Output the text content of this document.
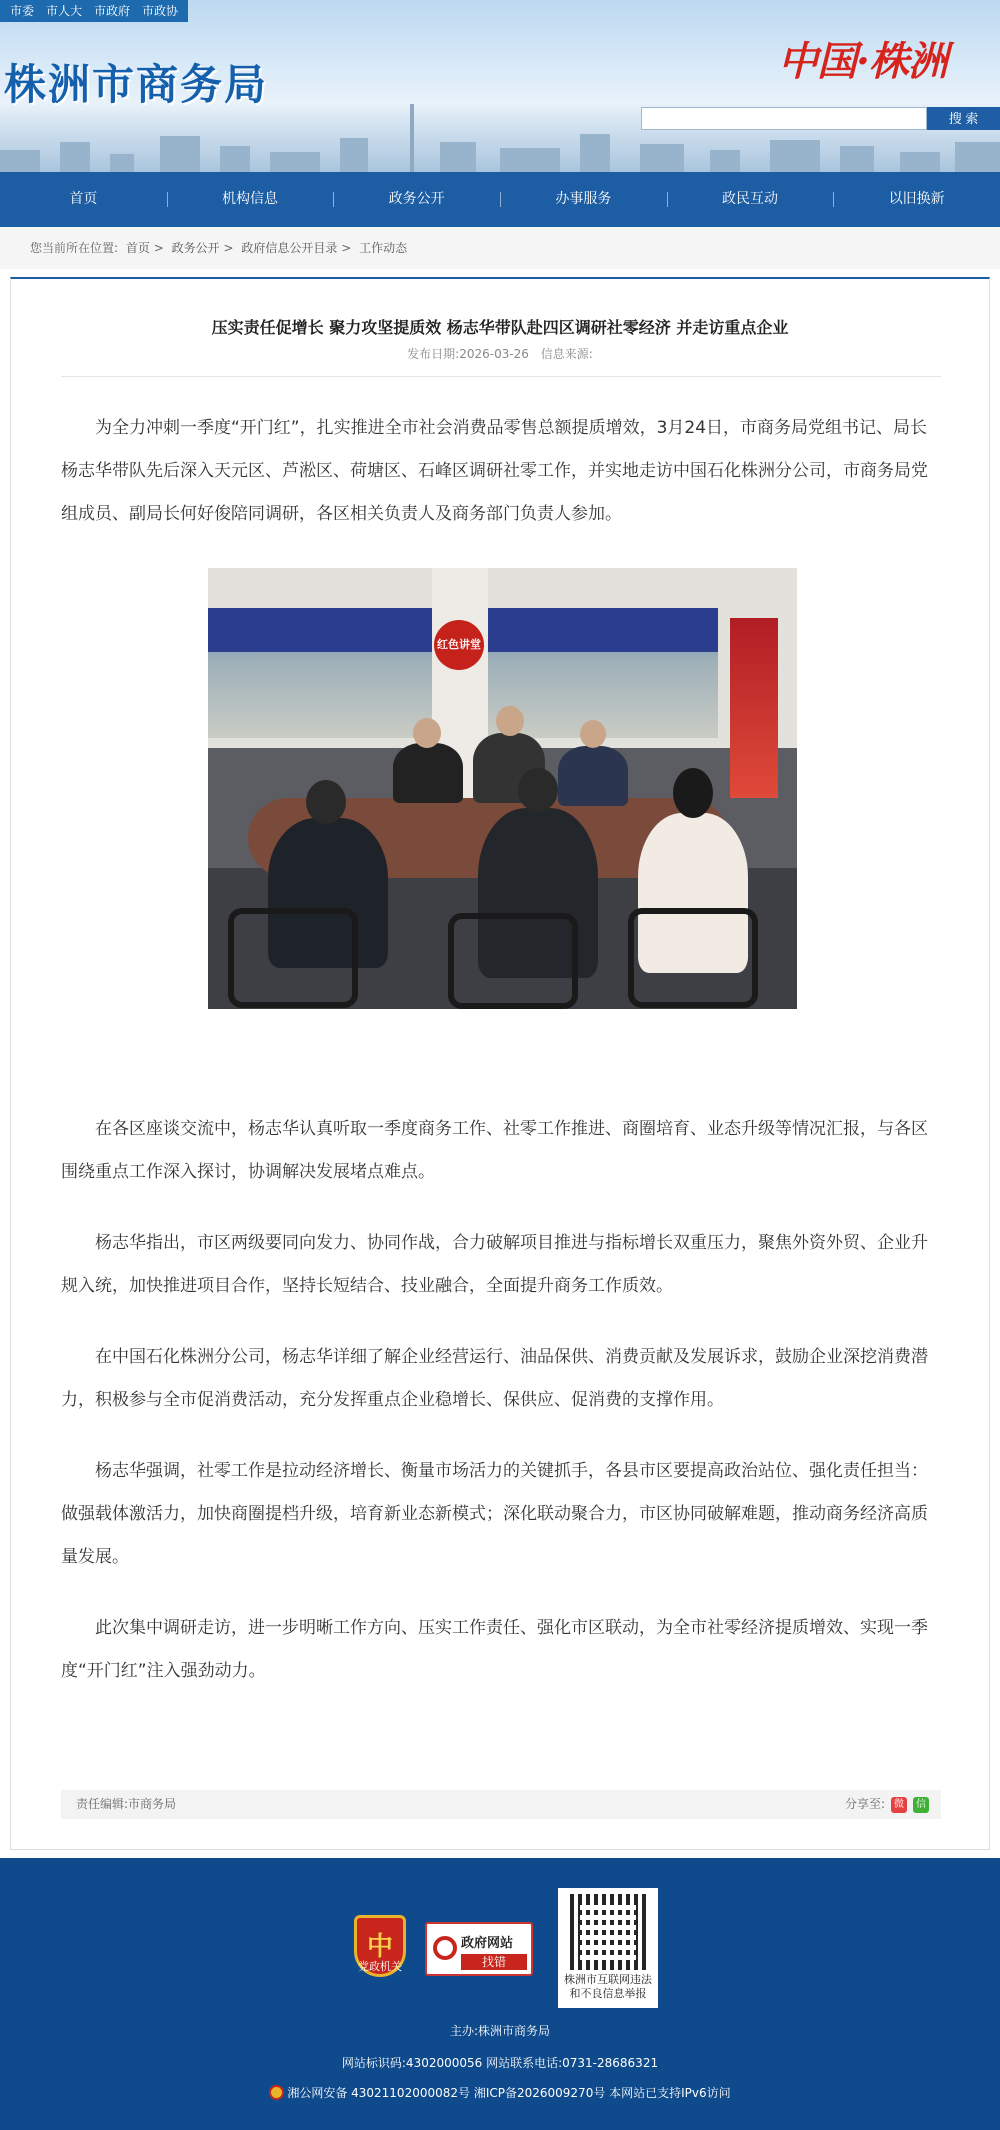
市委	市人大	市政府	市政协
株洲市商务局	中国·株洲
搜 索
首页	机构信息	政务公开	办事服务	政民互动	以旧换新
您当前所在位置: 首页 > 政务公开 > 政府信息公开目录 > 工作动态
压实责任促增长 聚力攻坚提质效 杨志华带队赴四区调研社零经济 并走访重点企业
发布日期:2026-03-26 信息来源:

为全力冲刺一季度“开门红”，扎实推进全市社会消费品零售总额提质增效，3月24日，市商务局党组书记、局长杨志华带队先后深入天元区、芦淞区、荷塘区、石峰区调研社零工作，并实地走访中国石化株洲分公司，市商务局党组成员、副局长何好俊陪同调研，各区相关负责人及商务部门负责人参加。

红色讲堂

在各区座谈交流中，杨志华认真听取一季度商务工作、社零工作推进、商圈培育、业态升级等情况汇报，与各区围绕重点工作深入探讨，协调解决发展堵点难点。

杨志华指出，市区两级要同向发力、协同作战，合力破解项目推进与指标增长双重压力，聚焦外资外贸、企业升规入统，加快推进项目合作，坚持长短结合、技业融合，全面提升商务工作质效。

在中国石化株洲分公司，杨志华详细了解企业经营运行、油品保供、消费贡献及发展诉求，鼓励企业深挖消费潜力，积极参与全市促消费活动，充分发挥重点企业稳增长、保供应、促消费的支撑作用。

杨志华强调，社零工作是拉动经济增长、衡量市场活力的关键抓手，各县市区要提高政治站位、强化责任担当：做强载体激活力，加快商圈提档升级，培育新业态新模式；深化联动聚合力，市区协同破解难题，推动商务经济高质量发展。

此次集中调研走访，进一步明晰工作方向、压实工作责任、强化市区联动，为全市社零经济提质增效、实现一季度“开门红”注入强劲动力。

责任编辑:市商务局	分享至: 微	信
中
党政机关
政府网站
找错
株洲市互联网违法和不良信息举报
主办:株洲市商务局
网站标识码:4302000056 网站联系电话:0731-28686321
湘公网安备 43021102000082号 湘ICP备2026009270号 本网站已支持IPv6访问
